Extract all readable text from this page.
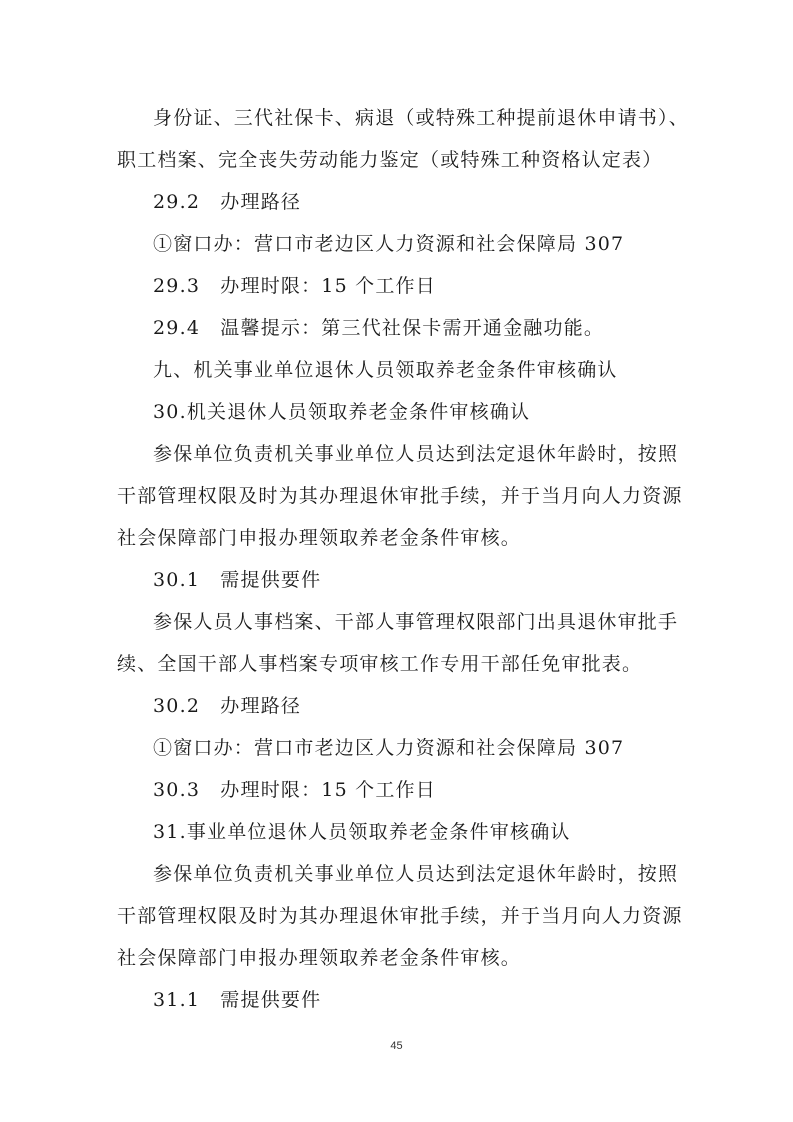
身份证、三代社保卡、病退（或特殊工种提前退休申请书）、
职工档案、完全丧失劳动能力鉴定（或特殊工种资格认定表）
29.2　办理路径
①窗口办：营口市老边区人力资源和社会保障局 307
29.3　办理时限：15 个工作日
29.4　温馨提示：第三代社保卡需开通金融功能。
九、机关事业单位退休人员领取养老金条件审核确认
30.机关退休人员领取养老金条件审核确认
参保单位负责机关事业单位人员达到法定退休年龄时，按照
干部管理权限及时为其办理退休审批手续，并于当月向人力资源
社会保障部门申报办理领取养老金条件审核。
30.1　需提供要件
参保人员人事档案、干部人事管理权限部门出具退休审批手
续、全国干部人事档案专项审核工作专用干部任免审批表。
30.2　办理路径
①窗口办：营口市老边区人力资源和社会保障局 307
30.3　办理时限：15 个工作日
31.事业单位退休人员领取养老金条件审核确认
参保单位负责机关事业单位人员达到法定退休年龄时，按照
干部管理权限及时为其办理退休审批手续，并于当月向人力资源
社会保障部门申报办理领取养老金条件审核。
31.1　需提供要件
45
